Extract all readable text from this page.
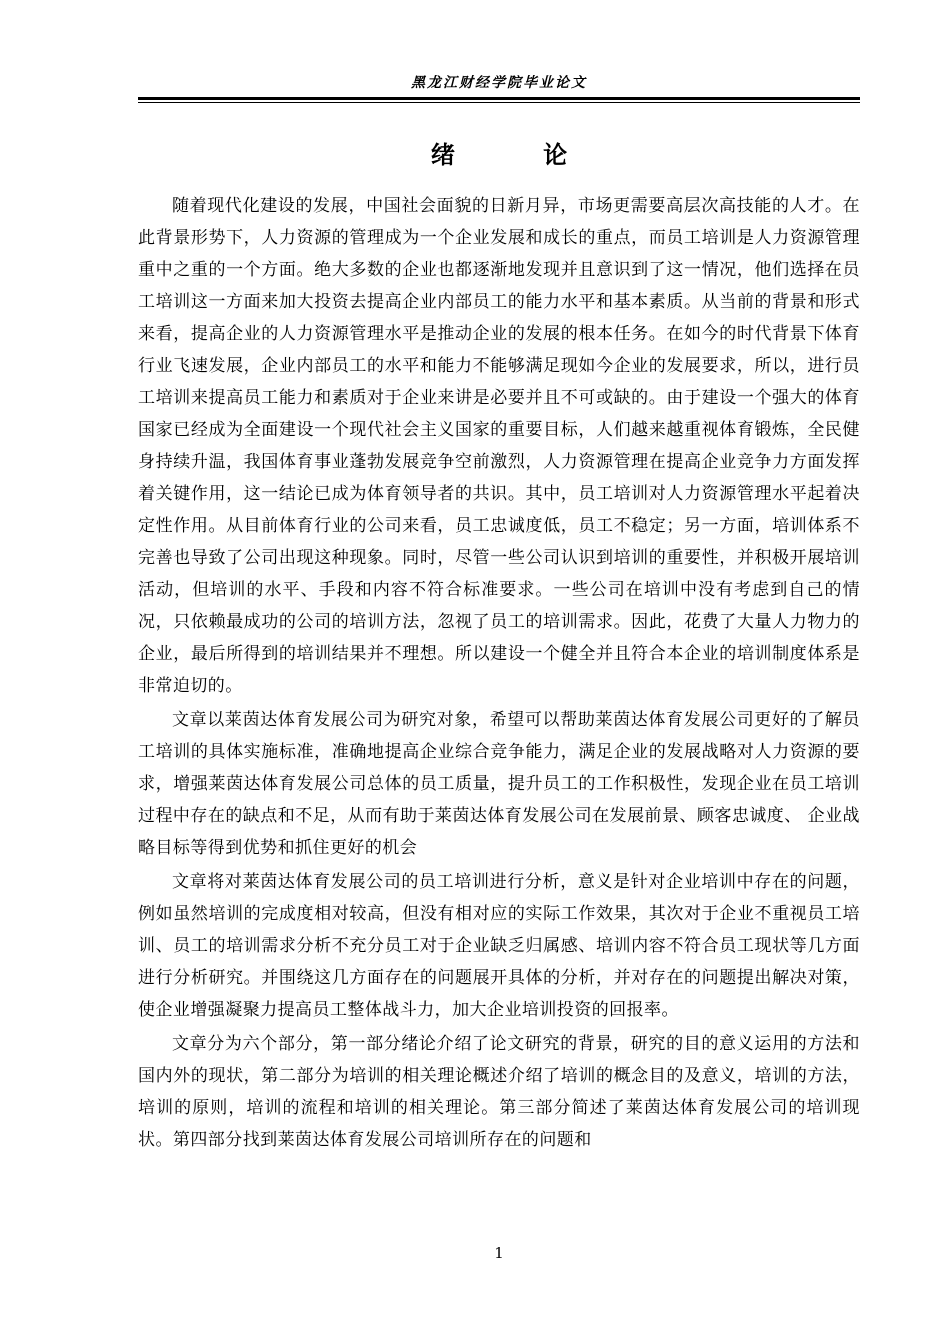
黑龙江财经学院毕业论文
绪 论

随着现代化建设的发展，中国社会面貌的日新月异，市场更需要高层次高技能的人才。在此背景形势下，人力资源的管理成为一个企业发展和成长的重点，而员工培训是人力资源管理重中之重的一个方面。绝大多数的企业也都逐渐地发现并且意识到了这一情况，他们选择在员工培训这一方面来加大投资去提高企业内部员工的能力水平和基本素质。从当前的背景和形式来看，提高企业的人力资源管理水平是推动企业的发展的根本任务。在如今的时代背景下体育行业飞速发展，企业内部员工的水平和能力不能够满足现如今企业的发展要求，所以，进行员工培训来提高员工能力和素质对于企业来讲是必要并且不可或缺的。由于建设一个强大的体育国家已经成为全面建设一个现代社会主义国家的重要目标，人们越来越重视体育锻炼，全民健身持续升温，我国体育事业蓬勃发展竞争空前激烈，人力资源管理在提高企业竞争力方面发挥着关键作用，这一结论已成为体育领导者的共识。其中，员工培训对人力资源管理水平起着决定性作用。从目前体育行业的公司来看，员工忠诚度低，员工不稳定；另一方面，培训体系不完善也导致了公司出现这种现象。同时，尽管一些公司认识到培训的重要性，并积极开展培训活动，但培训的水平、手段和内容不符合标准要求。一些公司在培训中没有考虑到自己的情况，只依赖最成功的公司的培训方法，忽视了员工的培训需求。因此，花费了大量人力物力的企业，最后所得到的培训结果并不理想。所以建设一个健全并且符合本企业的培训制度体系是非常迫切的。

文章以莱茵达体育发展公司为研究对象，希望可以帮助莱茵达体育发展公司更好的了解员工培训的具体实施标准，准确地提高企业综合竞争能力，满足企业的发展战略对人力资源的要求，增强莱茵达体育发展公司总体的员工质量，提升员工的工作积极性，发现企业在员工培训过程中存在的缺点和不足，从而有助于莱茵达体育发展公司在发展前景、顾客忠诚度、 企业战略目标等得到优势和抓住更好的机会

文章将对莱茵达体育发展公司的员工培训进行分析，意义是针对企业培训中存在的问题，例如虽然培训的完成度相对较高，但没有相对应的实际工作效果，其次对于企业不重视员工培训、员工的培训需求分析不充分员工对于企业缺乏归属感、培训内容不符合员工现状等几方面进行分析研究。并围绕这几方面存在的问题展开具体的分析，并对存在的问题提出解决对策，使企业增强凝聚力提高员工整体战斗力，加大企业培训投资的回报率。

文章分为六个部分，第一部分绪论介绍了论文研究的背景，研究的目的意义运用的方法和国内外的现状，第二部分为培训的相关理论概述介绍了培训的概念目的及意义，培训的方法，培训的原则，培训的流程和培训的相关理论。第三部分简述了莱茵达体育发展公司的培训现状。第四部分找到莱茵达体育发展公司培训所存在的问题和

1
